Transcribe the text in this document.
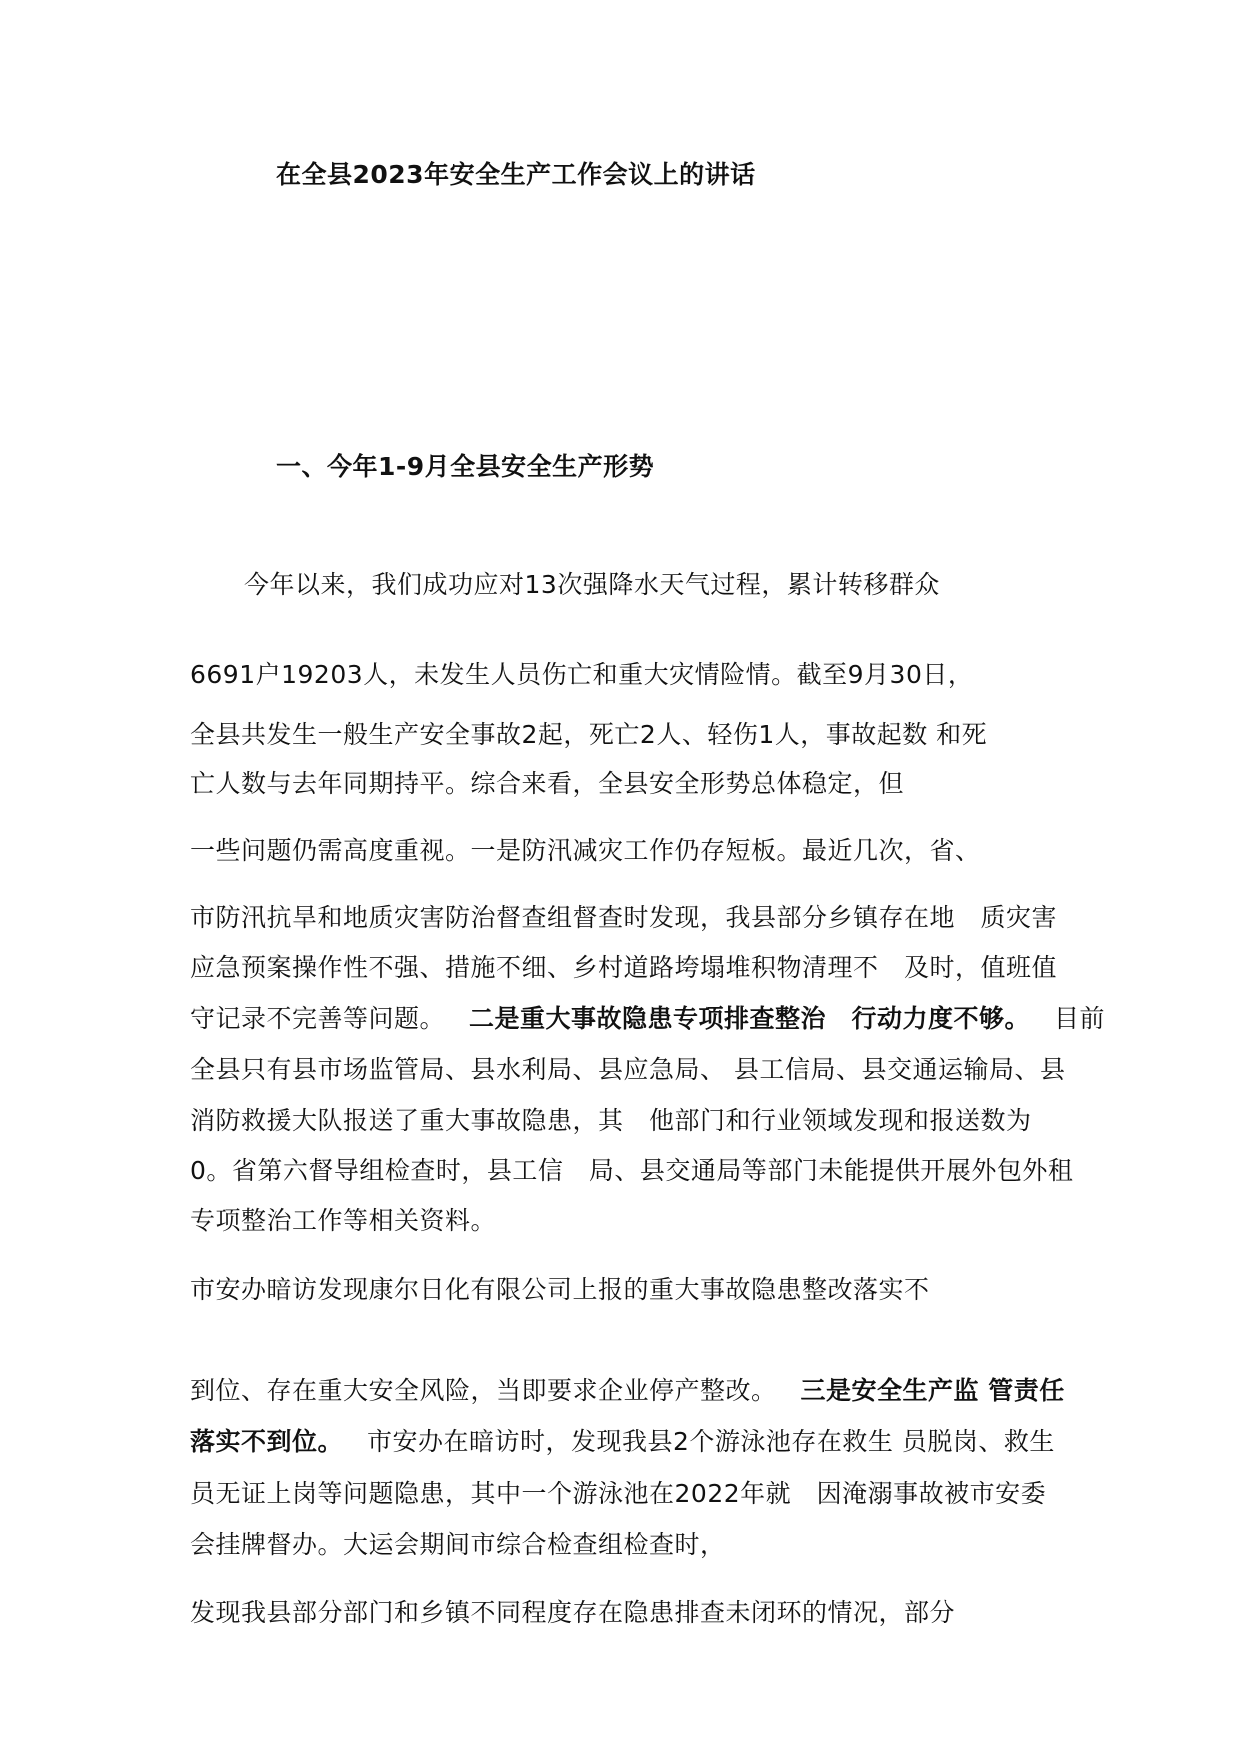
在全县2023年安全生产工作会议上的讲话
一、今年1-9月全县安全生产形势
今年以来，我们成功应对13次强降水天气过程，累计转移群众
6691户19203人，未发生人员伤亡和重大灾情险情。截至9月30日，
全县共发生一般生产安全事故2起，死亡2人、轻伤1人，事故起数 和死
亡人数与去年同期持平。综合来看，全县安全形势总体稳定，但
一些问题仍需高度重视。一是防汛减灾工作仍存短板。最近几次，省、
市防汛抗旱和地质灾害防治督查组督查时发现，我县部分乡镇存在地　质灾害
应急预案操作性不强、措施不细、乡村道路垮塌堆积物清理不　及时，值班值
守记录不完善等问题。 二是重大事故隐患专项排查整治　行动力度不够。 目前
全县只有县市场监管局、县水利局、县应急局、 县工信局、县交通运输局、县
消防救援大队报送了重大事故隐患，其　他部门和行业领域发现和报送数为
0。省第六督导组检查时，县工信　局、县交通局等部门未能提供开展外包外租
专项整治工作等相关资料。
市安办暗访发现康尔日化有限公司上报的重大事故隐患整改落实不
到位、存在重大安全风险，当即要求企业停产整改。 三是安全生产监 管责任
落实不到位。 市安办在暗访时，发现我县2个游泳池存在救生 员脱岗、救生
员无证上岗等问题隐患，其中一个游泳池在2022年就　因淹溺事故被市安委
会挂牌督办。大运会期间市综合检查组检查时，
发现我县部分部门和乡镇不同程度存在隐患排查未闭环的情况，部分
